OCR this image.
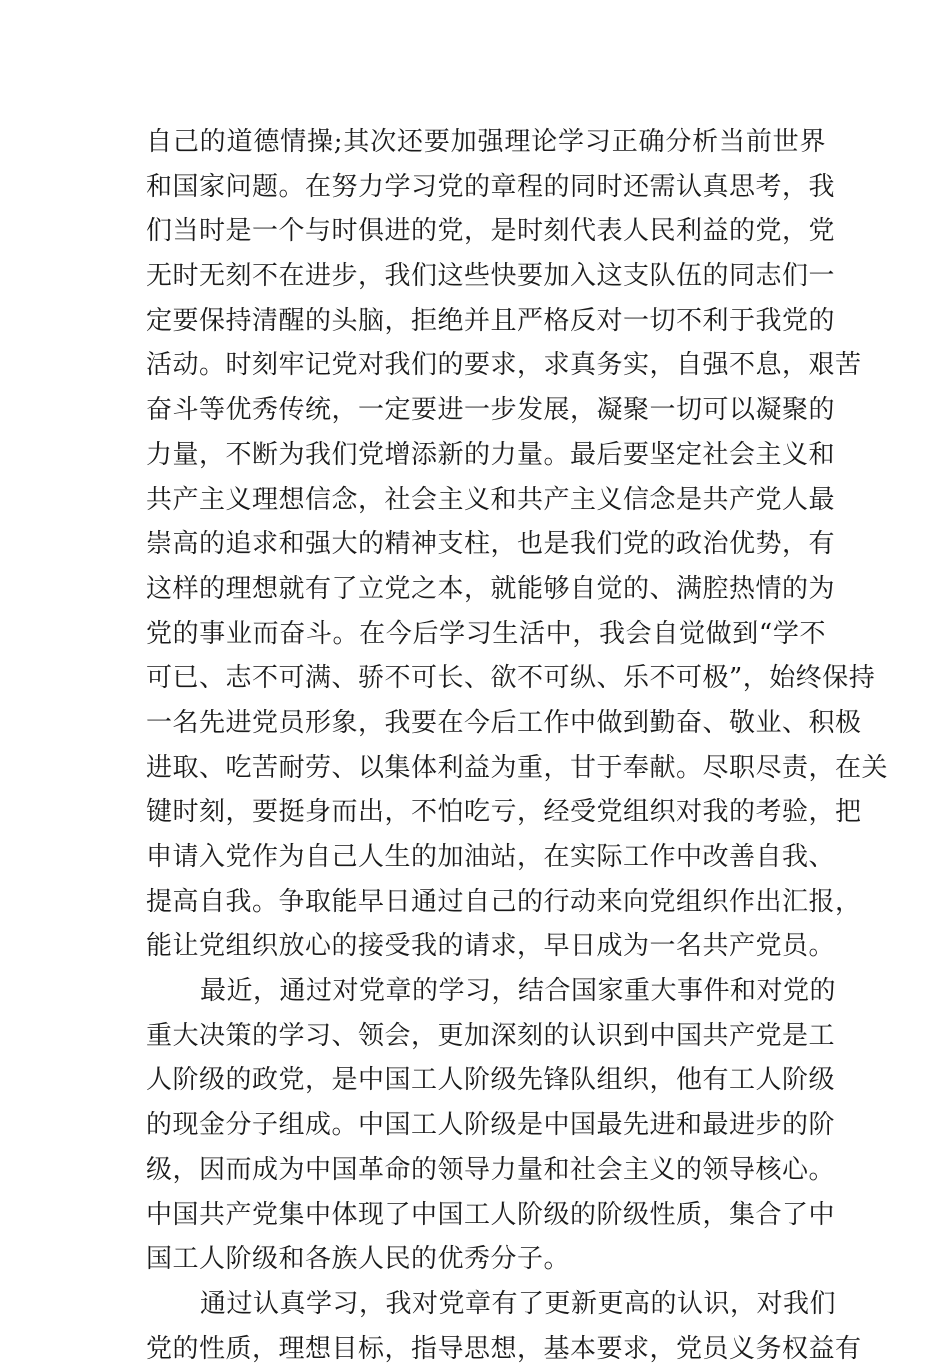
自己的道德情操;其次还要加强理论学习正确分析当前世界
和国家问题。在努力学习党的章程的同时还需认真思考，我
们当时是一个与时俱进的党，是时刻代表人民利益的党，党
无时无刻不在进步，我们这些快要加入这支队伍的同志们一
定要保持清醒的头脑，拒绝并且严格反对一切不利于我党的
活动。时刻牢记党对我们的要求，求真务实，自强不息，艰苦
奋斗等优秀传统，一定要进一步发展，凝聚一切可以凝聚的
力量，不断为我们党增添新的力量。最后要坚定社会主义和
共产主义理想信念，社会主义和共产主义信念是共产党人最
崇高的追求和强大的精神支柱，也是我们党的政治优势，有
这样的理想就有了立党之本，就能够自觉的、满腔热情的为
党的事业而奋斗。在今后学习生活中，我会自觉做到“学不
可已、志不可满、骄不可长、欲不可纵、乐不可极”，始终保持
一名先进党员形象，我要在今后工作中做到勤奋、敬业、积极
进取、吃苦耐劳、以集体利益为重，甘于奉献。尽职尽责，在关
键时刻，要挺身而出，不怕吃亏，经受党组织对我的考验，把
申请入党作为自己人生的加油站，在实际工作中改善自我、
提高自我。争取能早日通过自己的行动来向党组织作出汇报，
能让党组织放心的接受我的请求，早日成为一名共产党员。
最近，通过对党章的学习，结合国家重大事件和对党的
重大决策的学习、领会，更加深刻的认识到中国共产党是工
人阶级的政党，是中国工人阶级先锋队组织，他有工人阶级
的现金分子组成。中国工人阶级是中国最先进和最进步的阶
级，因而成为中国革命的领导力量和社会主义的领导核心。
中国共产党集中体现了中国工人阶级的阶级性质，集合了中
国工人阶级和各族人民的优秀分子。
通过认真学习，我对党章有了更新更高的认识，对我们
党的性质，理想目标，指导思想，基本要求，党员义务权益有
